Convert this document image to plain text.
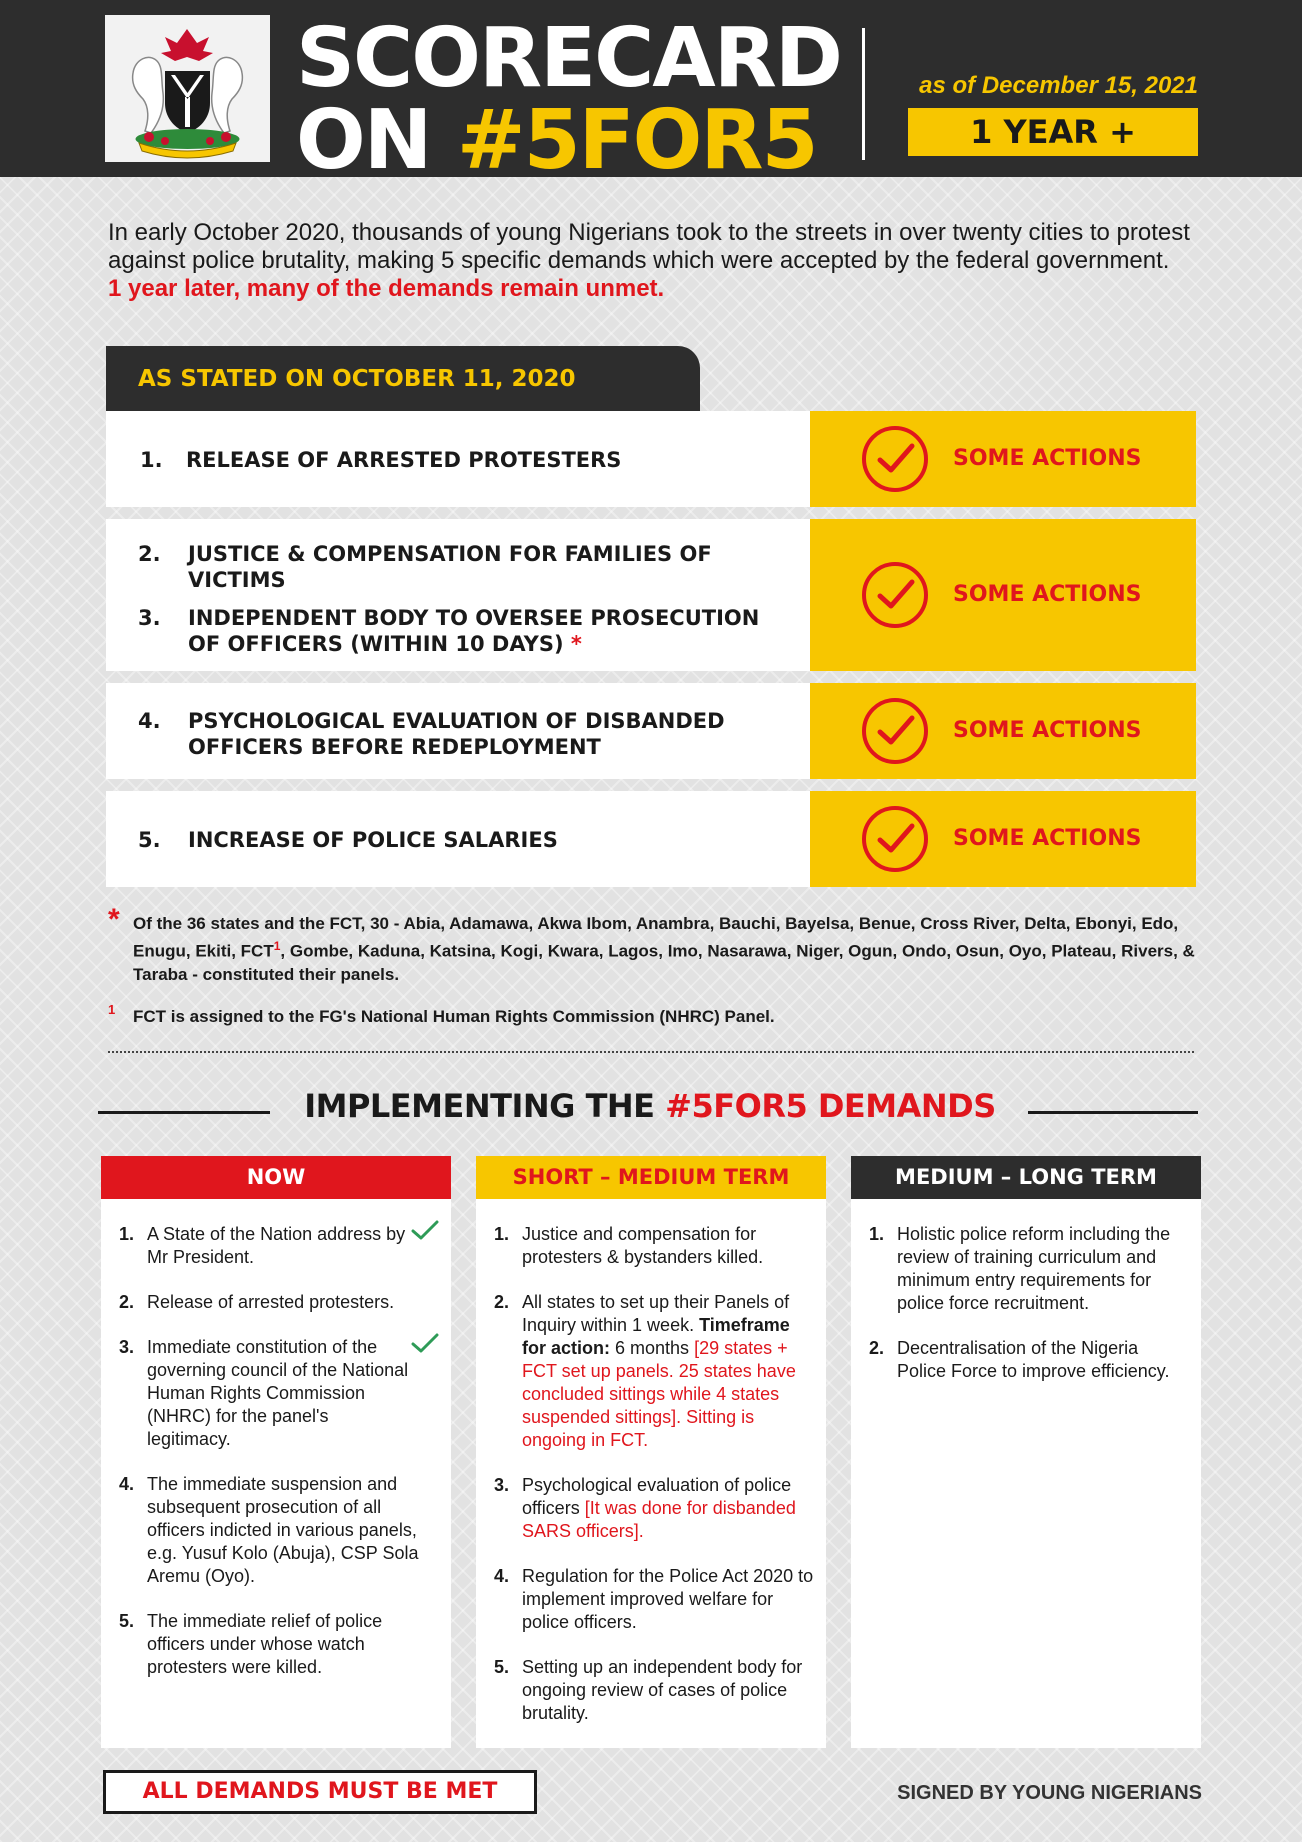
SCORECARD
ON #5FOR5
as of December 15, 2021
1 YEAR +

In early October 2020, thousands of young Nigerians took to the streets in over twenty cities to protest

against police brutality, making 5 specific demands which were accepted by the federal government.

1 year later, many of the demands remain unmet.

AS STATED ON OCTOBER 11, 2020
1. RELEASE OF ARRESTED PROTESTERS	SOME ACTIONS
2. JUSTICE & COMPENSATION FOR FAMILIES OF VICTIMS
3. INDEPENDENT BODY TO OVERSEE PROSECUTION OF OFFICERS (WITHIN 10 DAYS) *
SOME ACTIONS
4. PSYCHOLOGICAL EVALUATION OF DISBANDED OFFICERS BEFORE REDEPLOYMENT
SOME ACTIONS
5. INCREASE OF POLICE SALARIES	SOME ACTIONS
* Of the 36 states and the FCT, 30 - Abia, Adamawa, Akwa Ibom, Anambra, Bauchi, Bayelsa, Benue, Cross River, Delta, Ebonyi, Edo, Enugu, Ekiti, FCT$^1$, Gombe, Kaduna, Katsina, Kogi, Kwara, Lagos, Imo, Nasarawa, Niger, Ogun, Ondo, Osun, Oyo, Plateau, Rivers, & Taraba - constituted their panels.
1 FCT is assigned to the FG's National Human Rights Commission (NHRC) Panel.
IMPLEMENTING THE #5FOR5 DEMANDS
NOW
1. A State of the Nation address by Mr President.
2. Release of arrested protesters.
3. Immediate constitution of the governing council of the National Human Rights Commission (NHRC) for the panel's legitimacy.
4. The immediate suspension and subsequent prosecution of all officers indicted in various panels, e.g. Yusuf Kolo (Abuja), CSP Sola Aremu (Oyo).
5. The immediate relief of police officers under whose watch protesters were killed.
SHORT – MEDIUM TERM
1. Justice and compensation for protesters & bystanders killed.
2. All states to set up their Panels of Inquiry within 1 week. Timeframe for action: 6 months [29 states + FCT set up panels. 25 states have concluded sittings while 4 states suspended sittings]. Sitting is ongoing in FCT.
3. Psychological evaluation of police officers [It was done for disbanded SARS officers].
4. Regulation for the Police Act 2020 to implement improved welfare for police officers.
5. Setting up an independent body for ongoing review of cases of police brutality.
MEDIUM – LONG TERM
1. Holistic police reform including the review of training curriculum and minimum entry requirements for police force recruitment.
2. Decentralisation of the Nigeria Police Force to improve efficiency.
ALL DEMANDS MUST BE MET	SIGNED BY YOUNG NIGERIANS
